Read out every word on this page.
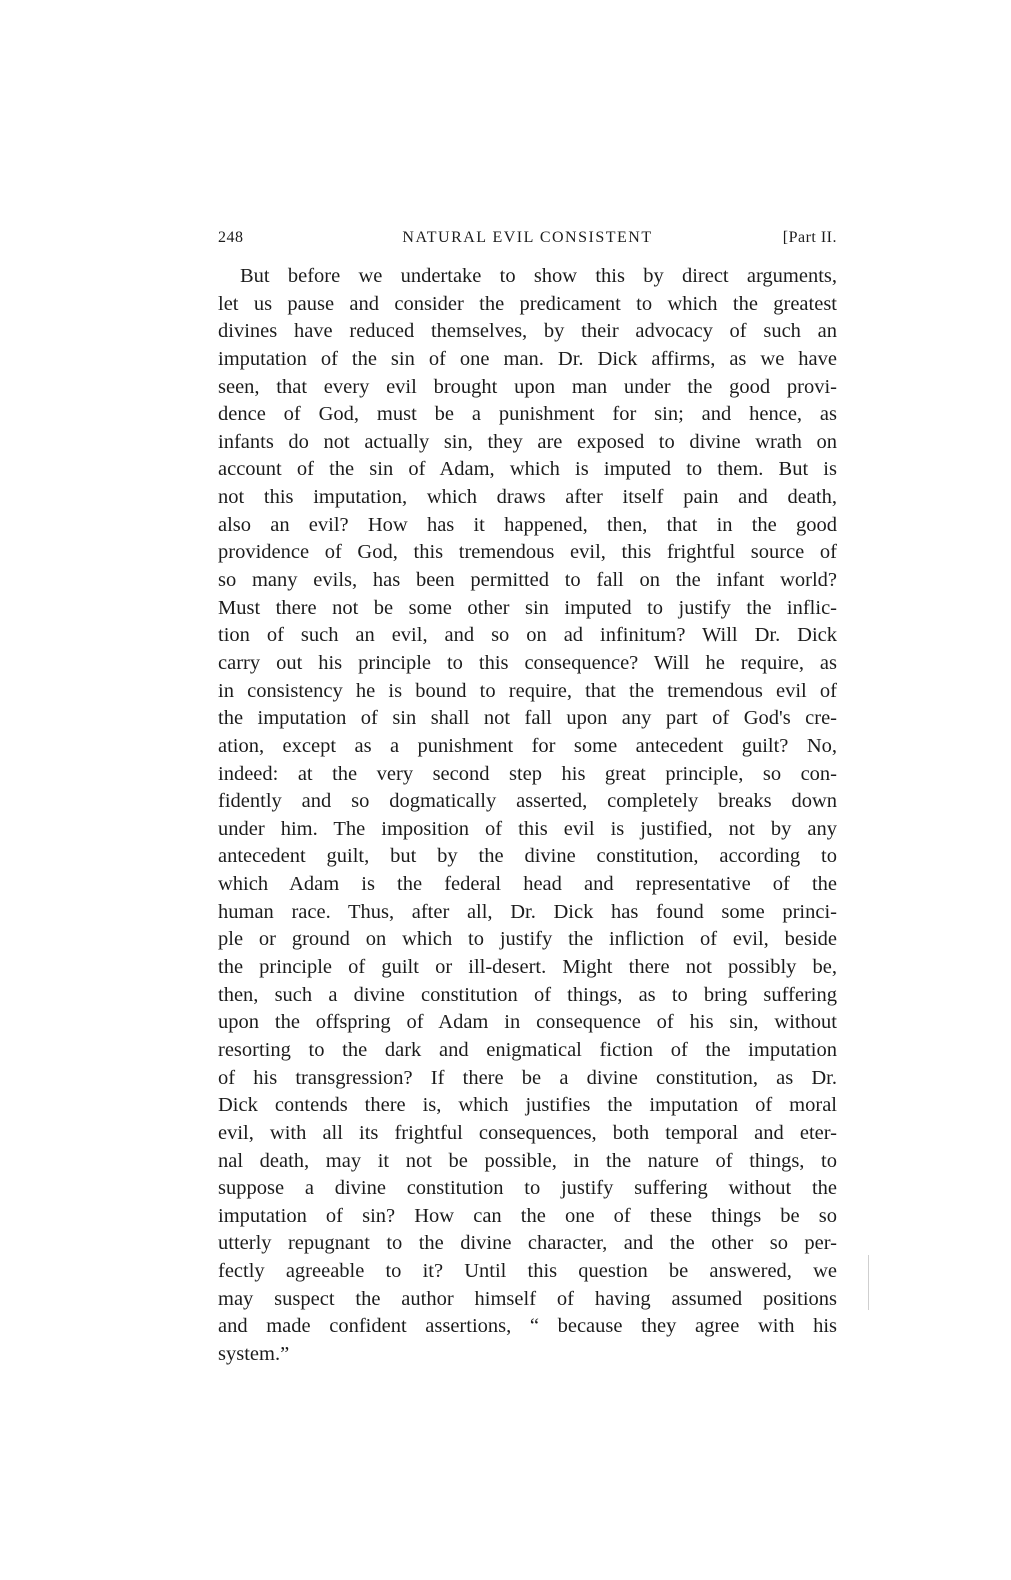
248	NATURAL EVIL CONSISTENT	[Part II.
But before we undertake to show this by direct arguments,
let us pause and consider the predicament to which the greatest
divines have reduced themselves, by their advocacy of such an
imputation of the sin of one man. Dr. Dick affirms, as we have
seen, that every evil brought upon man under the good provi-
dence of God, must be a punishment for sin; and hence, as
infants do not actually sin, they are exposed to divine wrath on
account of the sin of Adam, which is imputed to them. But is
not this imputation, which draws after itself pain and death,
also an evil? How has it happened, then, that in the good
providence of God, this tremendous evil, this frightful source of
so many evils, has been permitted to fall on the infant world?
Must there not be some other sin imputed to justify the inflic-
tion of such an evil, and so on ad infinitum? Will Dr. Dick
carry out his principle to this consequence? Will he require, as
in consistency he is bound to require, that the tremendous evil of
the imputation of sin shall not fall upon any part of God's cre-
ation, except as a punishment for some antecedent guilt? No,
indeed: at the very second step his great principle, so con-
fidently and so dogmatically asserted, completely breaks down
under him. The imposition of this evil is justified, not by any
antecedent guilt, but by the divine constitution, according to
which Adam is the federal head and representative of the
human race. Thus, after all, Dr. Dick has found some princi-
ple or ground on which to justify the infliction of evil, beside
the principle of guilt or ill-desert. Might there not possibly be,
then, such a divine constitution of things, as to bring suffering
upon the offspring of Adam in consequence of his sin, without
resorting to the dark and enigmatical fiction of the imputation
of his transgression? If there be a divine constitution, as Dr.
Dick contends there is, which justifies the imputation of moral
evil, with all its frightful consequences, both temporal and eter-
nal death, may it not be possible, in the nature of things, to
suppose a divine constitution to justify suffering without the
imputation of sin? How can the one of these things be so
utterly repugnant to the divine character, and the other so per-
fectly agreeable to it? Until this question be answered, we
may suspect the author himself of having assumed positions
and made confident assertions, “ because they agree with his
system.”
